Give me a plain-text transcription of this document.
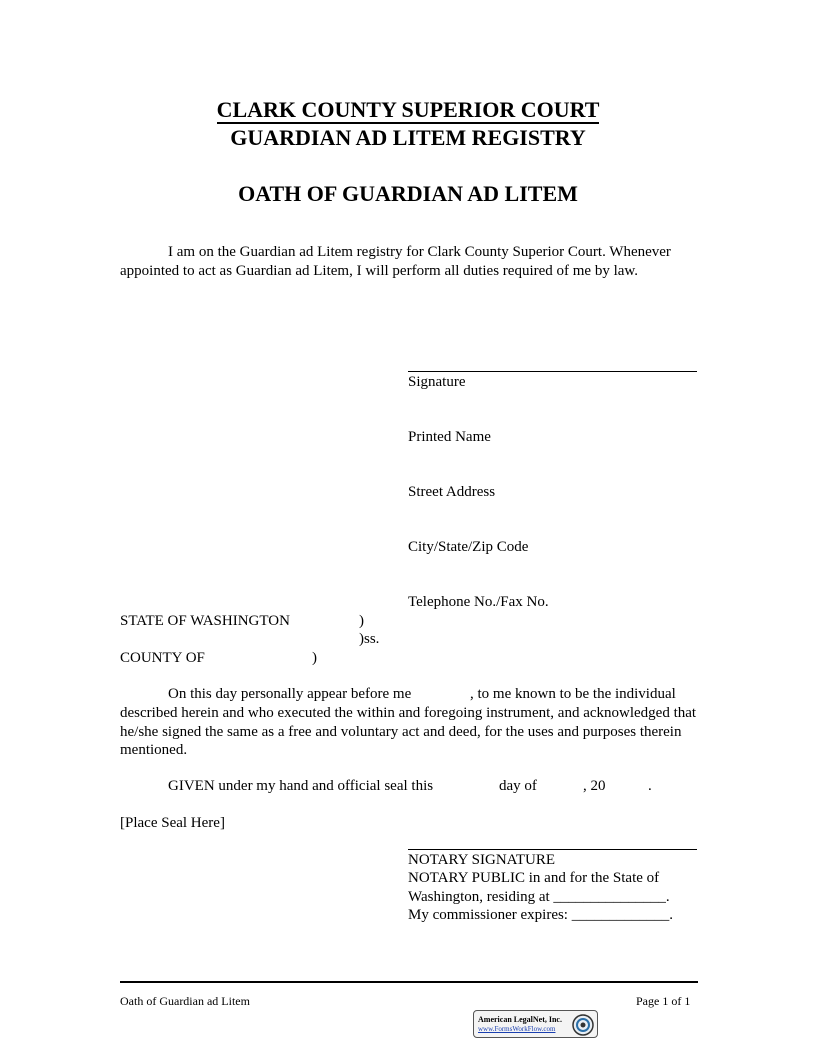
CLARK COUNTY SUPERIOR COURT
GUARDIAN AD LITEM REGISTRY
OATH OF GUARDIAN AD LITEM
I am on the Guardian ad Litem registry for Clark County Superior Court. Whenever appointed to act as Guardian ad Litem, I will perform all duties required of me by law.
Signature
Printed Name
Street Address
City/State/Zip Code
Telephone No./Fax No.
STATE OF WASHINGTON	)
)ss.
COUNTY OF	)
On this day personally appear before me	, to me known to be the individual
described herein and who executed the within and foregoing instrument, and acknowledged that he/she signed the same as a free and voluntary act and deed, for the uses and purposes therein mentioned.
GIVEN under my hand and official seal this	day of	, 20	.
[Place Seal Here]
NOTARY SIGNATURE
NOTARY PUBLIC in and for the State of
Washington, residing at _______________.
My commissioner expires: _____________.
Oath of Guardian ad Litem	Page 1 of 1
American LegalNet, Inc.
www.FormsWorkFlow.com
